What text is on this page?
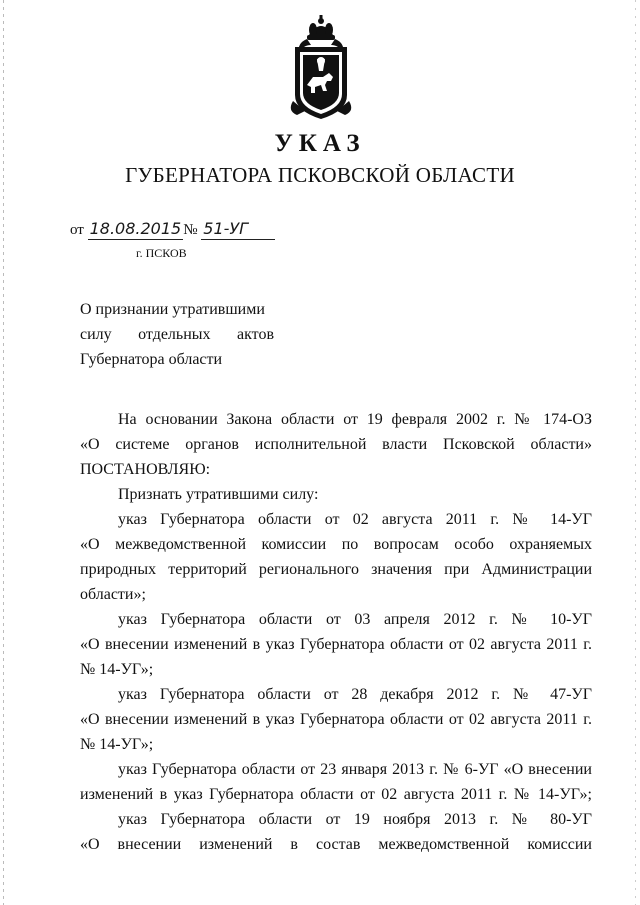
УКАЗ
ГУБЕРНАТОРА ПСКОВСКОЙ ОБЛАСТИ
от 18.08.2015 № 51-УГ
г. ПСКОВ
О признании утратившими
силу отдельных актов
Губернатора области
На основании Закона области от 19 февраля 2002 г. № 174-ОЗ
«О системе органов исполнительной власти Псковской области»
ПОСТАНОВЛЯЮ:
Признать утратившими силу:
указ Губернатора области от 02 августа 2011 г. № 14-УГ
«О межведомственной комиссии по вопросам особо охраняемых
природных территорий регионального значения при Администрации
области»;
указ Губернатора области от 03 апреля 2012 г. № 10-УГ
«О внесении изменений в указ Губернатора области от 02 августа 2011 г.
№ 14-УГ»;
указ Губернатора области от 28 декабря 2012 г. № 47-УГ
«О внесении изменений в указ Губернатора области от 02 августа 2011 г.
№ 14-УГ»;
указ Губернатора области от 23 января 2013 г. № 6-УГ «О внесении
изменений в указ Губернатора области от 02 августа 2011 г. № 14-УГ»;
указ Губернатора области от 19 ноября 2013 г. № 80-УГ
«О внесении изменений в состав межведомственной комиссии
